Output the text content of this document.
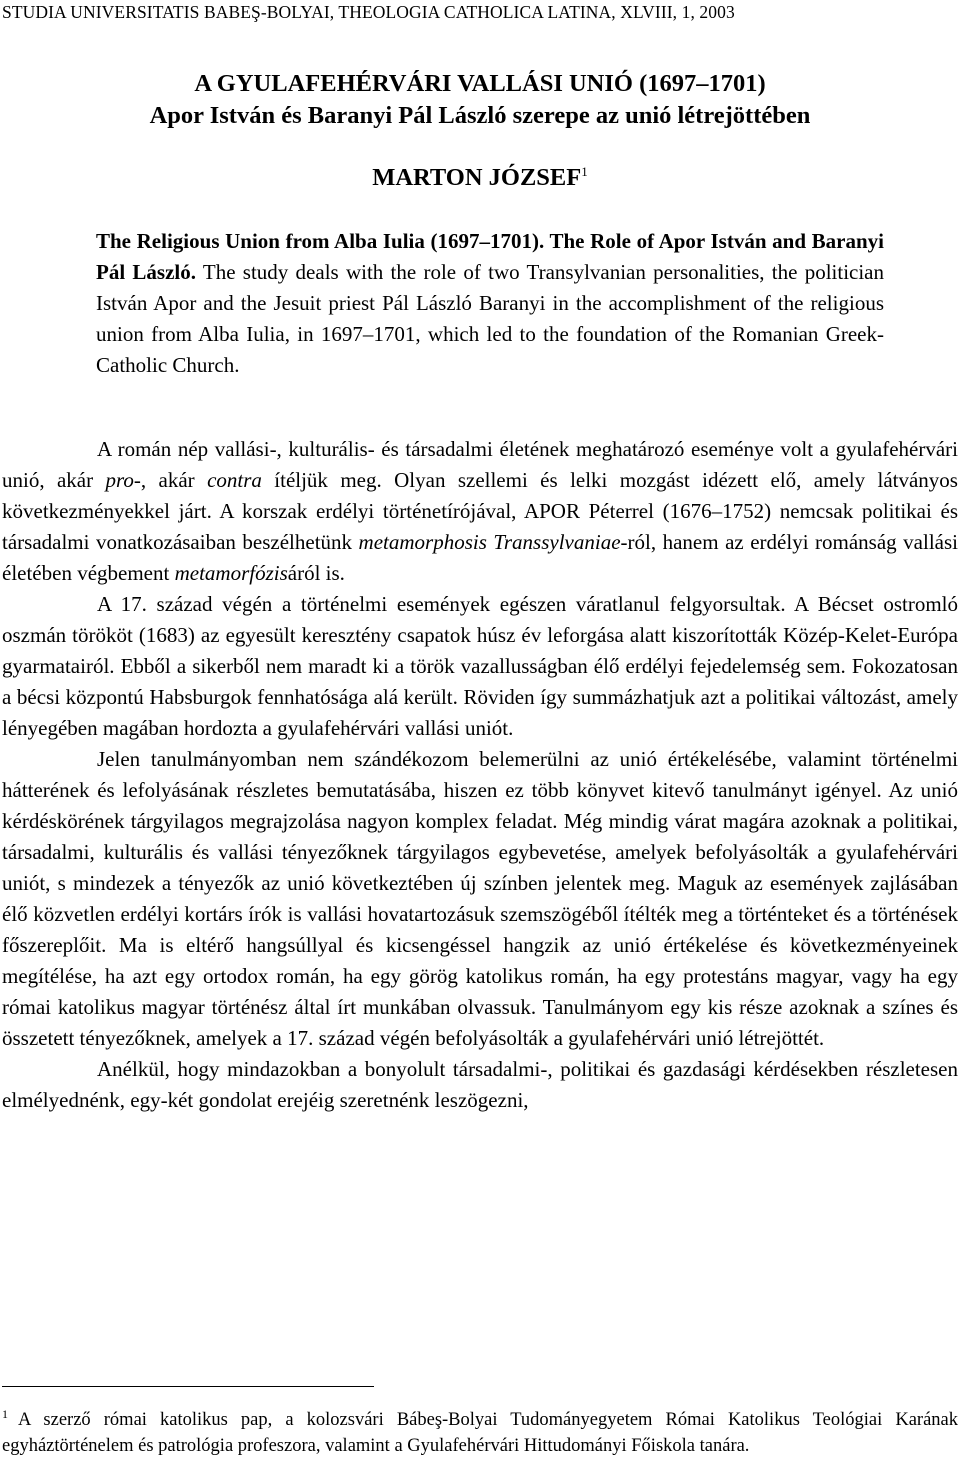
STUDIA UNIVERSITATIS BABEŞ-BOLYAI, THEOLOGIA CATHOLICA LATINA, XLVIII, 1, 2003
A GYULAFEHÉRVÁRI VALLÁSI UNIÓ (1697–1701)
Apor István és Baranyi Pál László szerepe az unió létrejöttében
MARTON JÓZSEF$^1$

The Religious Union from Alba Iulia (1697–1701). The Role of Apor István and Baranyi Pál László. The study deals with the role of two Transylvanian personalities, the politician István Apor and the Jesuit priest Pál László Baranyi in the accomplishment of the religious union from Alba Iulia, in 1697–1701, which led to the foundation of the Romanian Greek-Catholic Church.

A román nép vallási-, kulturális- és társadalmi életének meghatározó eseménye volt a gyulafehérvári unió, akár pro-, akár contra ítéljük meg. Olyan szellemi és lelki mozgást idézett elő, amely látványos következményekkel járt. A korszak erdélyi történetírójával, APOR Péterrel (1676–1752) nemcsak politikai és társadalmi vonatkozásaiban beszélhetünk metamorphosis Transsylvaniae-ról, hanem az erdélyi románság vallási életében végbement metamorfózisáról is.

A 17. század végén a történelmi események egészen váratlanul felgyorsultak. A Bécset ostromló oszmán törököt (1683) az egyesült keresztény csapatok húsz év leforgása alatt kiszorították Közép-Kelet-Európa gyarmatairól. Ebből a sikerből nem maradt ki a török vazallusságban élő erdélyi fejedelemség sem. Fokozatosan a bécsi központú Habsburgok fennhatósága alá került. Röviden így summázhatjuk azt a politikai változást, amely lényegében magában hordozta a gyulafehérvári vallási uniót.

Jelen tanulmányomban nem szándékozom belemerülni az unió értékelésébe, valamint történelmi hátterének és lefolyásának részletes bemutatásába, hiszen ez több könyvet kitevő tanulmányt igényel. Az unió kérdéskörének tárgyilagos megrajzolása nagyon komplex feladat. Még mindig várat magára azoknak a politikai, társadalmi, kulturális és vallási tényezőknek tárgyilagos egybevetése, amelyek befolyásolták a gyulafehérvári uniót, s mindezek a tényezők az unió következtében új színben jelentek meg. Maguk az események zajlásában élő közvetlen erdélyi kortárs írók is vallási hovatartozásuk szemszögéből ítélték meg a történteket és a történések főszereplőit. Ma is eltérő hangsúllyal és kicsengéssel hangzik az unió értékelése és következményeinek megítélése, ha azt egy ortodox román, ha egy görög katolikus román, ha egy protestáns magyar, vagy ha egy római katolikus magyar történész által írt munkában olvassuk. Tanulmányom egy kis része azoknak a színes és összetett tényezőknek, amelyek a 17. század végén befolyásolták a gyulafehérvári unió létrejöttét.

Anélkül, hogy mindazokban a bonyolult társadalmi-, politikai és gazdasági kérdésekben részletesen elmélyednénk, egy-két gondolat erejéig szeretnénk leszögezni,

$^1$ A szerző római katolikus pap, a kolozsvári Bábeş-Bolyai Tudományegyetem Római Katolikus Teológiai Karának egyháztörténelem és patrológia profeszora, valamint a Gyulafehérvári Hittudományi Főiskola tanára.
